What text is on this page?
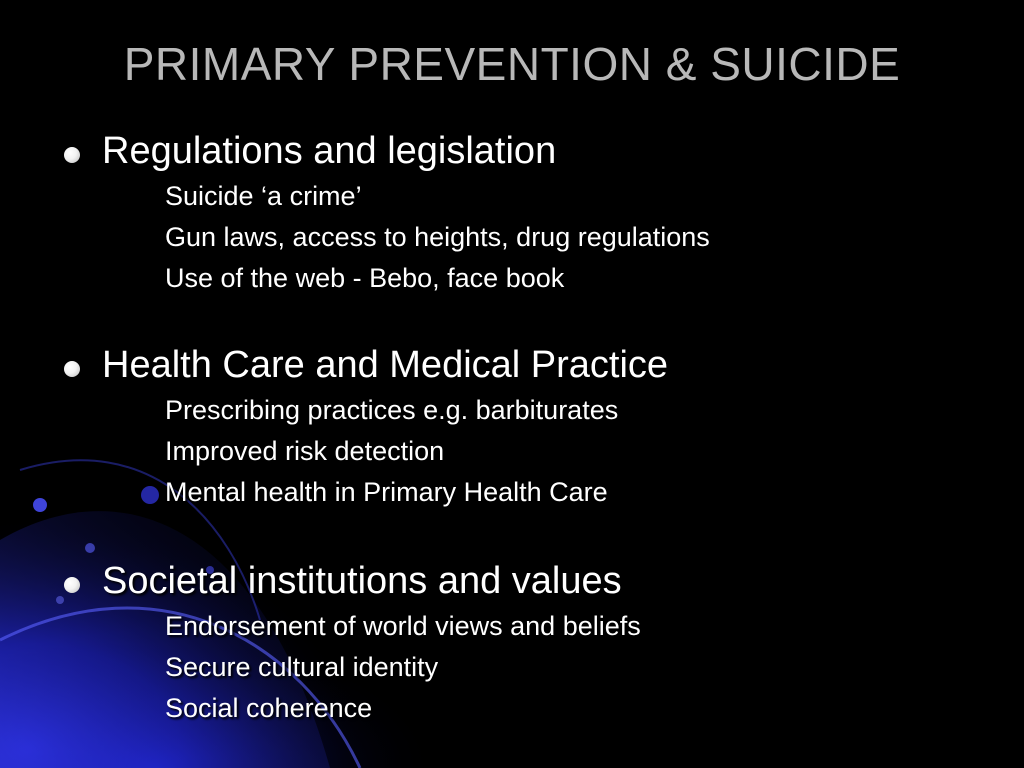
PRIMARY PREVENTION & SUICIDE
Regulations and legislation
Suicide ‘a crime’
Gun laws, access to heights, drug regulations
Use of the web - Bebo, face book
Health Care and Medical Practice
Prescribing practices e.g. barbiturates
Improved risk detection
Mental health in Primary Health Care
Societal institutions and values
Endorsement of world views and beliefs
Secure cultural identity
Social coherence
